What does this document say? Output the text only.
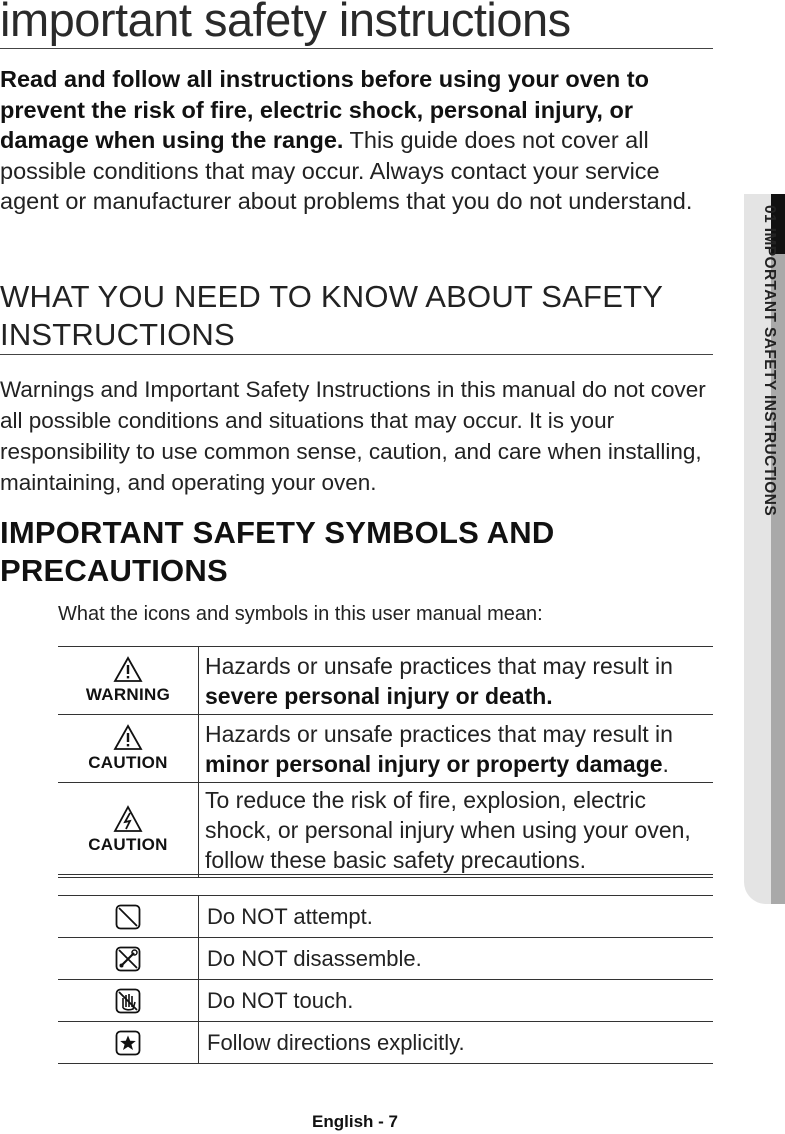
important safety instructions
Read and follow all instructions before using your oven to prevent the risk of fire, electric shock, personal injury, or damage when using the range. This guide does not cover all possible conditions that may occur. Always contact your service agent or manufacturer about problems that you do not understand.
WHAT YOU NEED TO KNOW ABOUT SAFETY INSTRUCTIONS
Warnings and Important Safety Instructions in this manual do not cover all possible conditions and situations that may occur. It is your responsibility to use common sense, caution, and care when installing, maintaining, and operating your oven.
IMPORTANT SAFETY SYMBOLS AND PRECAUTIONS
What the icons and symbols in this user manual mean:
WARNING	Hazards or unsafe practices that may result in severe personal injury or death.

CAUTION	Hazards or unsafe practices that may result in minor personal injury or property damage.

CAUTION	To reduce the risk of fire, explosion, electric shock, or personal injury when using your oven, follow these basic safety precautions.

	Do NOT attempt.

	Do NOT disassemble.

	Do NOT touch.

	Follow directions explicitly.
01 IMPORTANT SAFETY INSTRUCTIONS
English - 7
